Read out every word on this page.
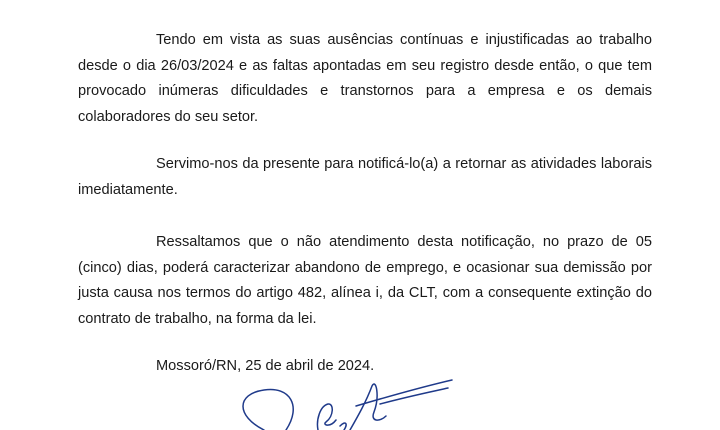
Tendo em vista as suas ausências contínuas e injustificadas ao trabalho desde o dia 26/03/2024 e as faltas apontadas em seu registro desde então, o que tem provocado inúmeras dificuldades e transtornos para a empresa e os demais colaboradores do seu setor.

Servimo-nos da presente para notificá-lo(a) a retornar as atividades laborais imediatamente.

Ressaltamos que o não atendimento desta notificação, no prazo de 05 (cinco) dias, poderá caracterizar abandono de emprego, e ocasionar sua demissão por justa causa nos termos do artigo 482, alínea i, da CLT, com a consequente extinção do contrato de trabalho, na forma da lei.

Mossoró/RN, 25 de abril de 2024.
